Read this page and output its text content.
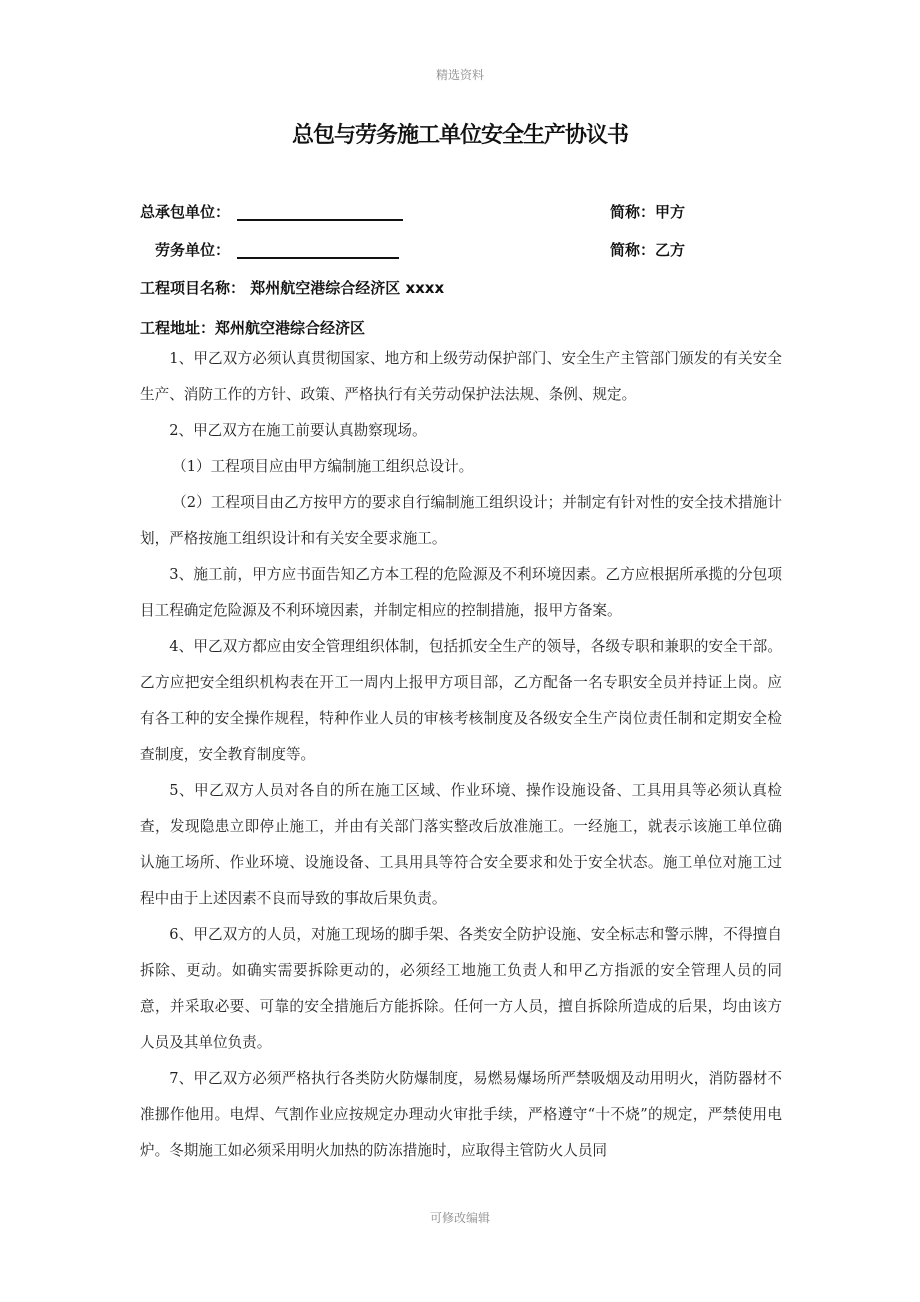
精选资料
总包与劳务施工单位安全生产协议书
总承包单位：	简称：甲方
劳务单位：	简称：乙方
工程项目名称： 郑州航空港综合经济区 xxxx
工程地址：郑州航空港综合经济区

1、甲乙双方必须认真贯彻国家、地方和上级劳动保护部门、安全生产主管部门颁发的有关安全生产、消防工作的方针、政策、严格执行有关劳动保护法法规、条例、规定。

2、甲乙双方在施工前要认真勘察现场。

（1）工程项目应由甲方编制施工组织总设计。

（2）工程项目由乙方按甲方的要求自行编制施工组织设计；并制定有针对性的安全技术措施计划，严格按施工组织设计和有关安全要求施工。

3、施工前，甲方应书面告知乙方本工程的危险源及不利环境因素。乙方应根据所承揽的分包项目工程确定危险源及不利环境因素，并制定相应的控制措施，报甲方备案。

4、甲乙双方都应由安全管理组织体制，包括抓安全生产的领导，各级专职和兼职的安全干部。乙方应把安全组织机构表在开工一周内上报甲方项目部，乙方配备一名专职安全员并持证上岗。应有各工种的安全操作规程，特种作业人员的审核考核制度及各级安全生产岗位责任制和定期安全检查制度，安全教育制度等。

5、甲乙双方人员对各自的所在施工区域、作业环境、操作设施设备、工具用具等必须认真检查，发现隐患立即停止施工，并由有关部门落实整改后放准施工。一经施工，就表示该施工单位确认施工场所、作业环境、设施设备、工具用具等符合安全要求和处于安全状态。施工单位对施工过程中由于上述因素不良而导致的事故后果负责。

6、甲乙双方的人员，对施工现场的脚手架、各类安全防护设施、安全标志和警示牌，不得擅自拆除、更动。如确实需要拆除更动的，必须经工地施工负责人和甲乙方指派的安全管理人员的同意，并采取必要、可靠的安全措施后方能拆除。任何一方人员，擅自拆除所造成的后果，均由该方人员及其单位负责。

7、甲乙双方必须严格执行各类防火防爆制度，易燃易爆场所严禁吸烟及动用明火，消防器材不准挪作他用。电焊、气割作业应按规定办理动火审批手续，严格遵守“十不烧”的规定，严禁使用电炉。冬期施工如必须采用明火加热的防冻措施时，应取得主管防火人员同

可修改编辑
